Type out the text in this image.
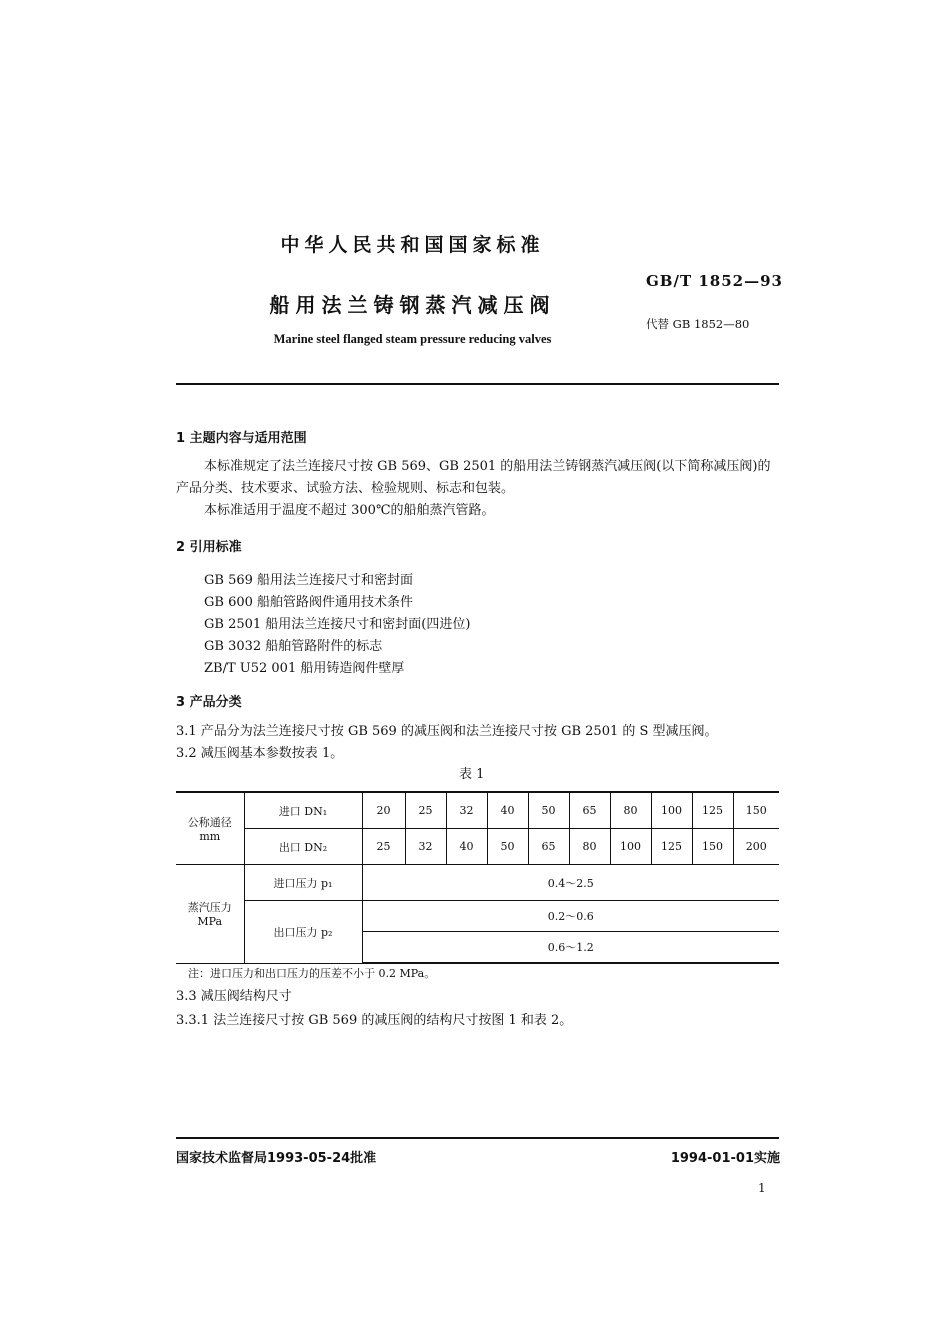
中华人民共和国国家标准
GB/T 1852—93
船用法兰铸钢蒸汽减压阀
代替 GB 1852—80
Marine steel flanged steam pressure reducing valves
1 主题内容与适用范围
本标准规定了法兰连接尺寸按 GB 569、GB 2501 的船用法兰铸钢蒸汽减压阀(以下简称减压阀)的
产品分类、技术要求、试验方法、检验规则、标志和包装。
本标准适用于温度不超过 300℃的船舶蒸汽管路。
2 引用标准
GB 569 船用法兰连接尺寸和密封面
GB 600 船舶管路阀件通用技术条件
GB 2501 船用法兰连接尺寸和密封面(四进位)
GB 3032 船舶管路附件的标志
ZB/T U52 001 船用铸造阀件壁厚
3 产品分类
3.1 产品分为法兰连接尺寸按 GB 569 的减压阀和法兰连接尺寸按 GB 2501 的 S 型减压阀。
3.2 减压阀基本参数按表 1。
表 1
公称通径
mm	进口 DN₁	20	25	32	40	50	65	80	100	125	150
	出口 DN₂	25	32	40	50	65	80	100	125	150	200

蒸汽压力
MPa	进口压力 p₁	0.4～2.5									
	出口压力 p₂	0.2～0.6									
		0.6～1.2									
注：进口压力和出口压力的压差不小于 0.2 MPa。
3.3 减压阀结构尺寸
3.3.1 法兰连接尺寸按 GB 569 的减压阀的结构尺寸按图 1 和表 2。
国家技术监督局1993-05-24批准	1994-01-01实施
1
